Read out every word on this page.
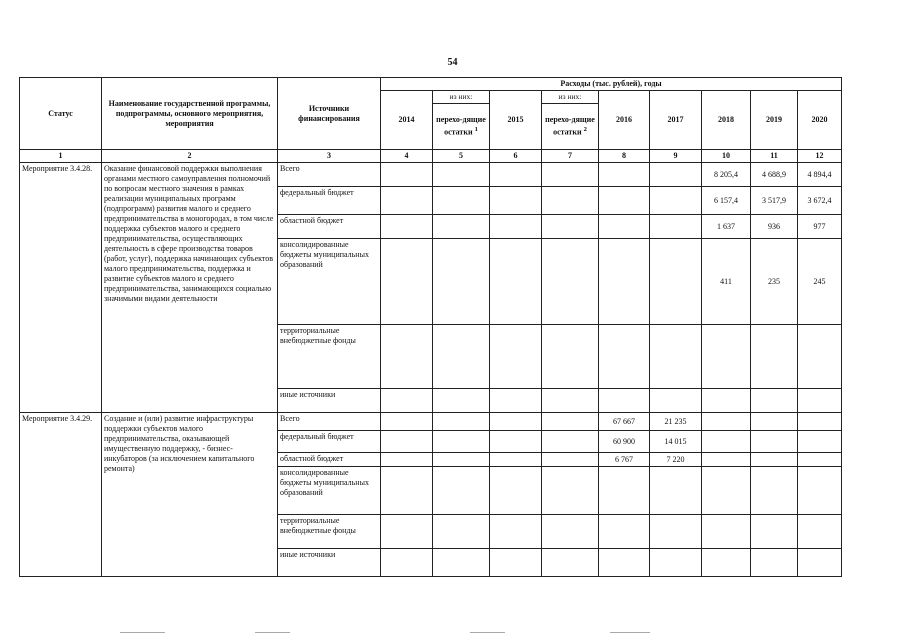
54
Статус	Наименование государственной программы, подпрограммы, основного мероприятия, мероприятия	Источники финансирования	Расходы (тыс. рублей), годы								
			2014	из них:	2015	из них:	2016	2017	2018	2019	2020
				перехо-дящие остатки $^1$		перехо-дящие остатки $^2$
1	2	3	4	5	6	7	8	9	10	11	12
Мероприятие 3.4.28.	Оказание финансовой поддержки выполнения органами местного самоуправления полномочий по вопросам местного значения в рамках реализации муниципальных программ (подпрограмм) развития малого и среднего предпринимательства в моногородах, в том числе поддержка субъектов малого и среднего предпринимательства, осуществляющих деятельность в сфере производства товаров (работ, услуг), поддержка начинающих субъектов малого предпринимательства, поддержка и развитие субъектов малого и среднего предпринимательства, занимающихся социально значимыми видами деятельности	Всего							8 205,4	4 688,9	4 894,4
		федеральный бюджет							6 157,4	3 517,9	3 672,4
		областной бюджет							1 637	936	977
		консолидированные бюджеты муниципальных образований							411	235	245
		территориальные внебюджетные фонды									
		иные источники									
Мероприятие 3.4.29.	Создание и (или) развитие инфраструктуры поддержки субъектов малого предпринимательства, оказывающей имущественную поддержку, - бизнес-инкубаторов (за исключением капитального ремонта)	Всего					67 667	21 235			
		федеральный бюджет					60 900	14 015			
		областной бюджет					6 767	7 220			
		консолидированные бюджеты муниципальных образований									
		территориальные внебюджетные фонды									
		иные источники									
